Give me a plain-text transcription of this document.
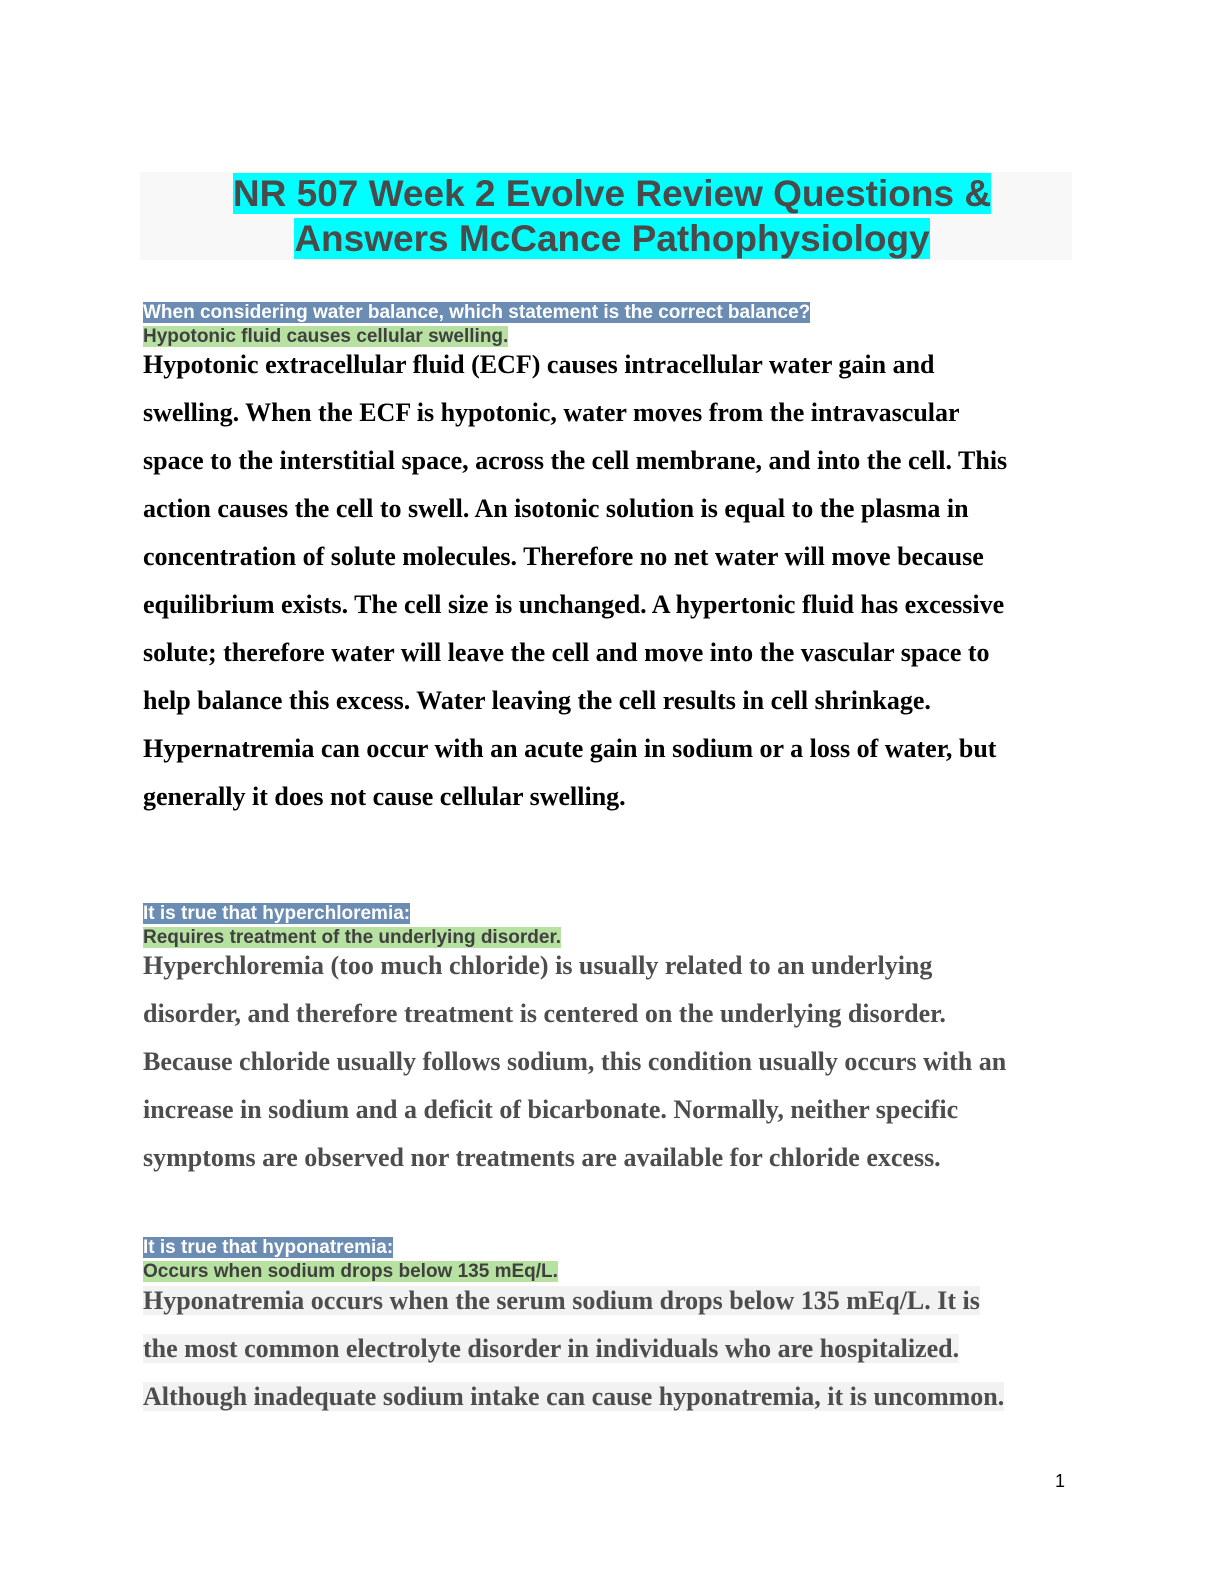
NR 507 Week 2 Evolve Review Questions &
Answers McCance Pathophysiology
When considering water balance, which statement is the correct balance?
Hypotonic fluid causes cellular swelling.
Hypotonic extracellular fluid (ECF) causes intracellular water gain and
swelling. When the ECF is hypotonic, water moves from the intravascular
space to the interstitial space, across the cell membrane, and into the cell. This
action causes the cell to swell. An isotonic solution is equal to the plasma in
concentration of solute molecules. Therefore no net water will move because
equilibrium exists. The cell size is unchanged. A hypertonic fluid has excessive
solute; therefore water will leave the cell and move into the vascular space to
help balance this excess. Water leaving the cell results in cell shrinkage.
Hypernatremia can occur with an acute gain in sodium or a loss of water, but
generally it does not cause cellular swelling.
It is true that hyperchloremia:
Requires treatment of the underlying disorder.
Hyperchloremia (too much chloride) is usually related to an underlying
disorder, and therefore treatment is centered on the underlying disorder.
Because chloride usually follows sodium, this condition usually occurs with an
increase in sodium and a deficit of bicarbonate. Normally, neither specific
symptoms are observed nor treatments are available for chloride excess.
It is true that hyponatremia:
Occurs when sodium drops below 135 mEq/L.
Hyponatremia occurs when the serum sodium drops below 135 mEq/L. It is
the most common electrolyte disorder in individuals who are hospitalized.
Although inadequate sodium intake can cause hyponatremia, it is uncommon.
1
